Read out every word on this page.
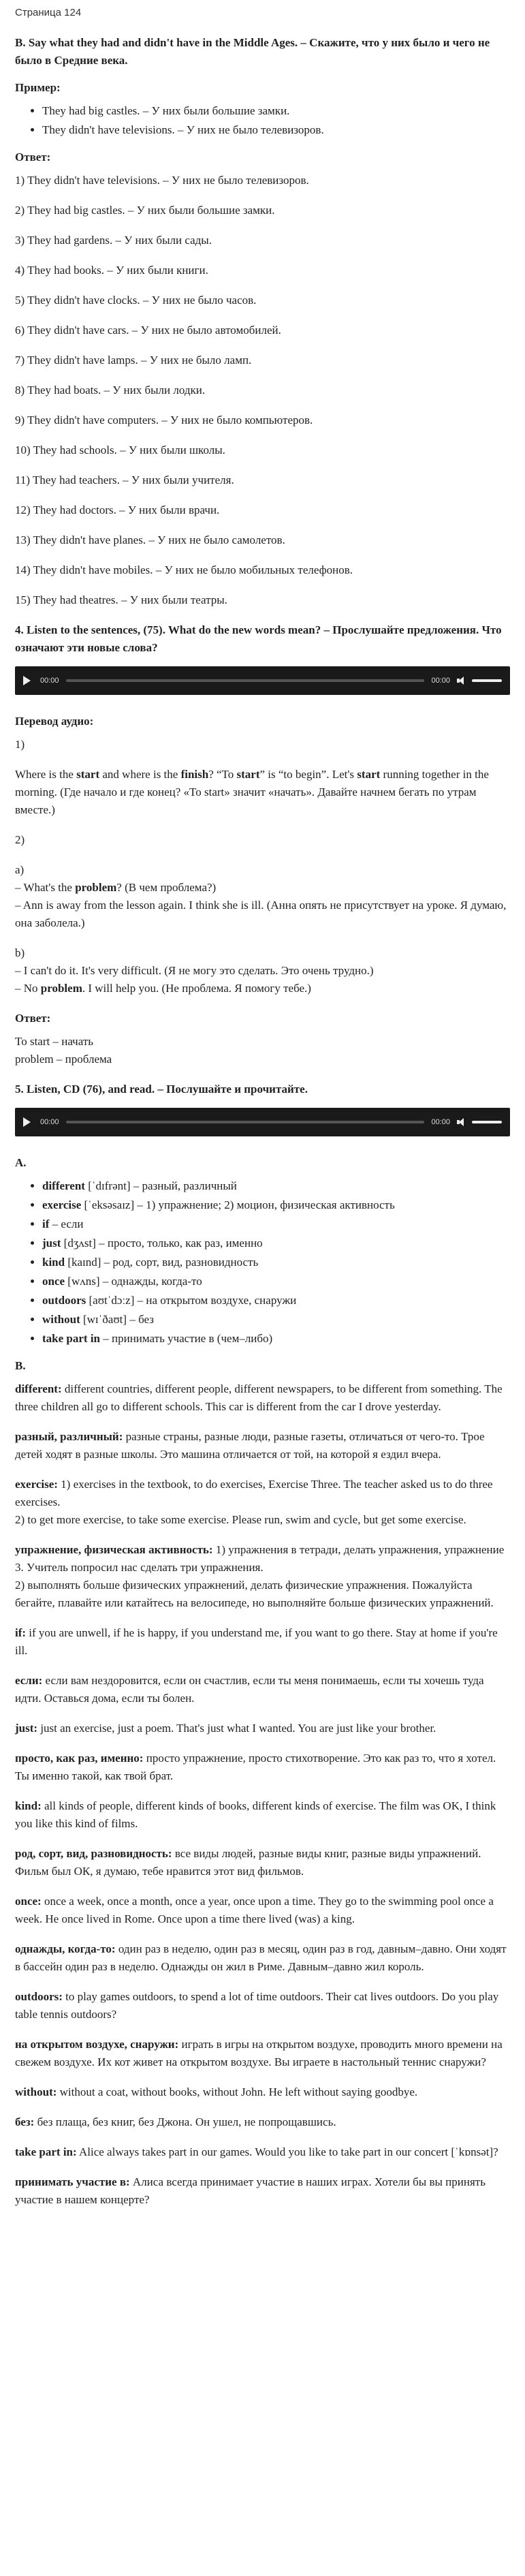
Страница 124
B. Say what they had and didn't have in the Middle Ages. – Скажите, что у них было и чего не было в Средние века.
Пример:
• They had big castles. – У них были большие замки.
• They didn't have televisions. – У них не было телевизоров.
Ответ:

1) They didn't have televisions. – У них не было телевизоров.

2) They had big castles. – У них были большие замки.

3) They had gardens. – У них были сады.

4) They had books. – У них были книги.

5) They didn't have clocks. – У них не было часов.

6) They didn't have cars. – У них не было автомобилей.

7) They didn't have lamps. – У них не было ламп.

8) They had boats. – У них были лодки.

9) They didn't have computers. – У них не было компьютеров.

10) They had schools. – У них были школы.

11) They had teachers. – У них были учителя.

12) They had doctors. – У них были врачи.

13) They didn't have planes. – У них не было самолетов.

14) They didn't have mobiles. – У них не было мобильных телефонов.

15) They had theatres. – У них были театры.

4. Listen to the sentences, (75). What do the new words mean? – Прослушайте предложения. Что означают эти новые слова?
00:00	00:00
Перевод аудио:

1)

Where is the start and where is the finish? “To start” is “to begin”. Let's start running together in the morning. (Где начало и где конец? «To start» значит «начать». Давайте начнем бегать по утрам вместе.)

2)

a)
– What's the problem? (В чем проблема?)
– Ann is away from the lesson again. I think she is ill. (Анна опять не присутствует на уроке. Я думаю, она заболела.)

b)
– I can't do it. It's very difficult. (Я не могу это сделать. Это очень трудно.)
– No problem. I will help you. (Не проблема. Я помогу тебе.)

Ответ:

To start – начать
problem – проблема

5. Listen, CD (76), and read. – Послушайте и прочитайте.
00:00	00:00
A.
• different [ˈdɪfrənt] – разный, различный
• exercise [ˈeksəsaɪz] – 1) упражнение; 2) моцион, физическая активность
• if – если
• just [dʒʌst] – просто, только, как раз, именно
• kind [kaɪnd] – род, сорт, вид, разновидность
• once [wʌns] – однажды, когда-то
• outdoors [aʊtˈdɔːz] – на открытом воздухе, снаружи
• without [wɪˈðaʊt] – без
• take part in – принимать участие в (чем–либо)
B.

different: different countries, different people, different newspapers, to be different from something. The three children all go to different schools. This car is different from the car I drove yesterday.

разный, различный: разные страны, разные люди, разные газеты, отличаться от чего-то. Трое детей ходят в разные школы. Это машина отличается от той, на которой я ездил вчера.

exercise: 1) exercises in the textbook, to do exercises, Exercise Three. The teacher asked us to do three exercises.
2) to get more exercise, to take some exercise. Please run, swim and cycle, but get some exercise.

упражнение, физическая активность: 1) упражнения в тетради, делать упражнения, упражнение 3. Учитель попросил нас сделать три упражнения.
2) выполнять больше физических упражнений, делать физические упражнения. Пожалуйста бегайте, плавайте или катайтесь на велосипеде, но выполняйте больше физических упражнений.

if: if you are unwell, if he is happy, if you understand me, if you want to go there. Stay at home if you're ill.

если: если вам нездоровится, если он счастлив, если ты меня понимаешь, если ты хочешь туда идти. Оставься дома, если ты болен.

just: just an exercise, just a poem. That's just what I wanted. You are just like your brother.

просто, как раз, именно: просто упражнение, просто стихотворение. Это как раз то, что я хотел. Ты именно такой, как твой брат.

kind: all kinds of people, different kinds of books, different kinds of exercise. The film was OK, I think you like this kind of films.

род, сорт, вид, разновидность: все виды людей, разные виды книг, разные виды упражнений. Фильм был ОК, я думаю, тебе нравится этот вид фильмов.

once: once a week, once a month, once a year, once upon a time. They go to the swimming pool once a week. He once lived in Rome. Once upon a time there lived (was) a king.

однажды, когда-то: один раз в неделю, один раз в месяц, один раз в год, давным–давно. Они ходят в бассейн один раз в неделю. Однажды он жил в Риме. Давным–давно жил король.

outdoors: to play games outdoors, to spend a lot of time outdoors. Their cat lives outdoors. Do you play table tennis outdoors?

на открытом воздухе, снаружи: играть в игры на открытом воздухе, проводить много времени на свежем воздухе. Их кот живет на открытом воздухе. Вы играете в настольный теннис снаружи?

without: without a coat, without books, without John. He left without saying goodbye.

без: без плаща, без книг, без Джона. Он ушел, не попрощавшись.

take part in: Alice always takes part in our games. Would you like to take part in our concert [ˈkɒnsət]?

принимать участие в: Алиса всегда принимает участие в наших играх. Хотели бы вы принять участие в нашем концерте?
